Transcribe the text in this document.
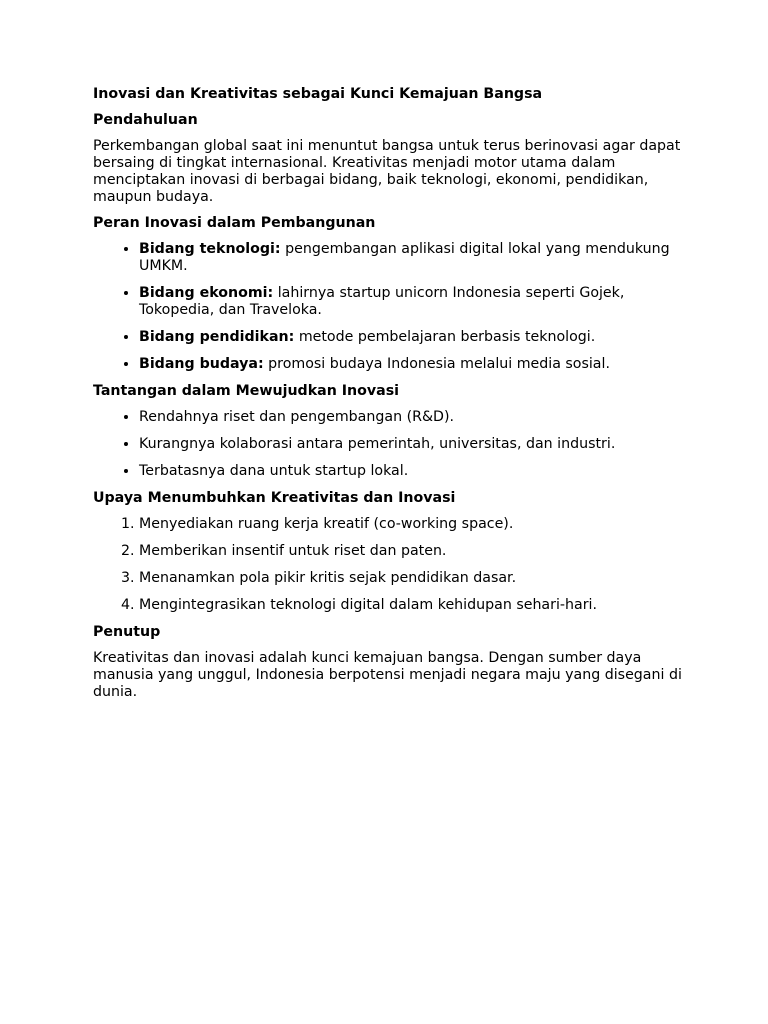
Inovasi dan Kreativitas sebagai Kunci Kemajuan Bangsa
Pendahuluan

Perkembangan global saat ini menuntut bangsa untuk terus berinovasi agar dapat bersaing di tingkat internasional. Kreativitas menjadi motor utama dalam menciptakan inovasi di berbagai bidang, baik teknologi, ekonomi, pendidikan, maupun budaya.

Peran Inovasi dalam Pembangunan
• Bidang teknologi: pengembangan aplikasi digital lokal yang mendukung UMKM.
• Bidang ekonomi: lahirnya startup unicorn Indonesia seperti Gojek, Tokopedia, dan Traveloka.
• Bidang pendidikan: metode pembelajaran berbasis teknologi.
• Bidang budaya: promosi budaya Indonesia melalui media sosial.
Tantangan dalam Mewujudkan Inovasi
• Rendahnya riset dan pengembangan (R&D).
• Kurangnya kolaborasi antara pemerintah, universitas, dan industri.
• Terbatasnya dana untuk startup lokal.
Upaya Menumbuhkan Kreativitas dan Inovasi
1. Menyediakan ruang kerja kreatif (co-working space).
2. Memberikan insentif untuk riset dan paten.
3. Menanamkan pola pikir kritis sejak pendidikan dasar.
4. Mengintegrasikan teknologi digital dalam kehidupan sehari-hari.
Penutup

Kreativitas dan inovasi adalah kunci kemajuan bangsa. Dengan sumber daya manusia yang unggul, Indonesia berpotensi menjadi negara maju yang disegani di dunia.
